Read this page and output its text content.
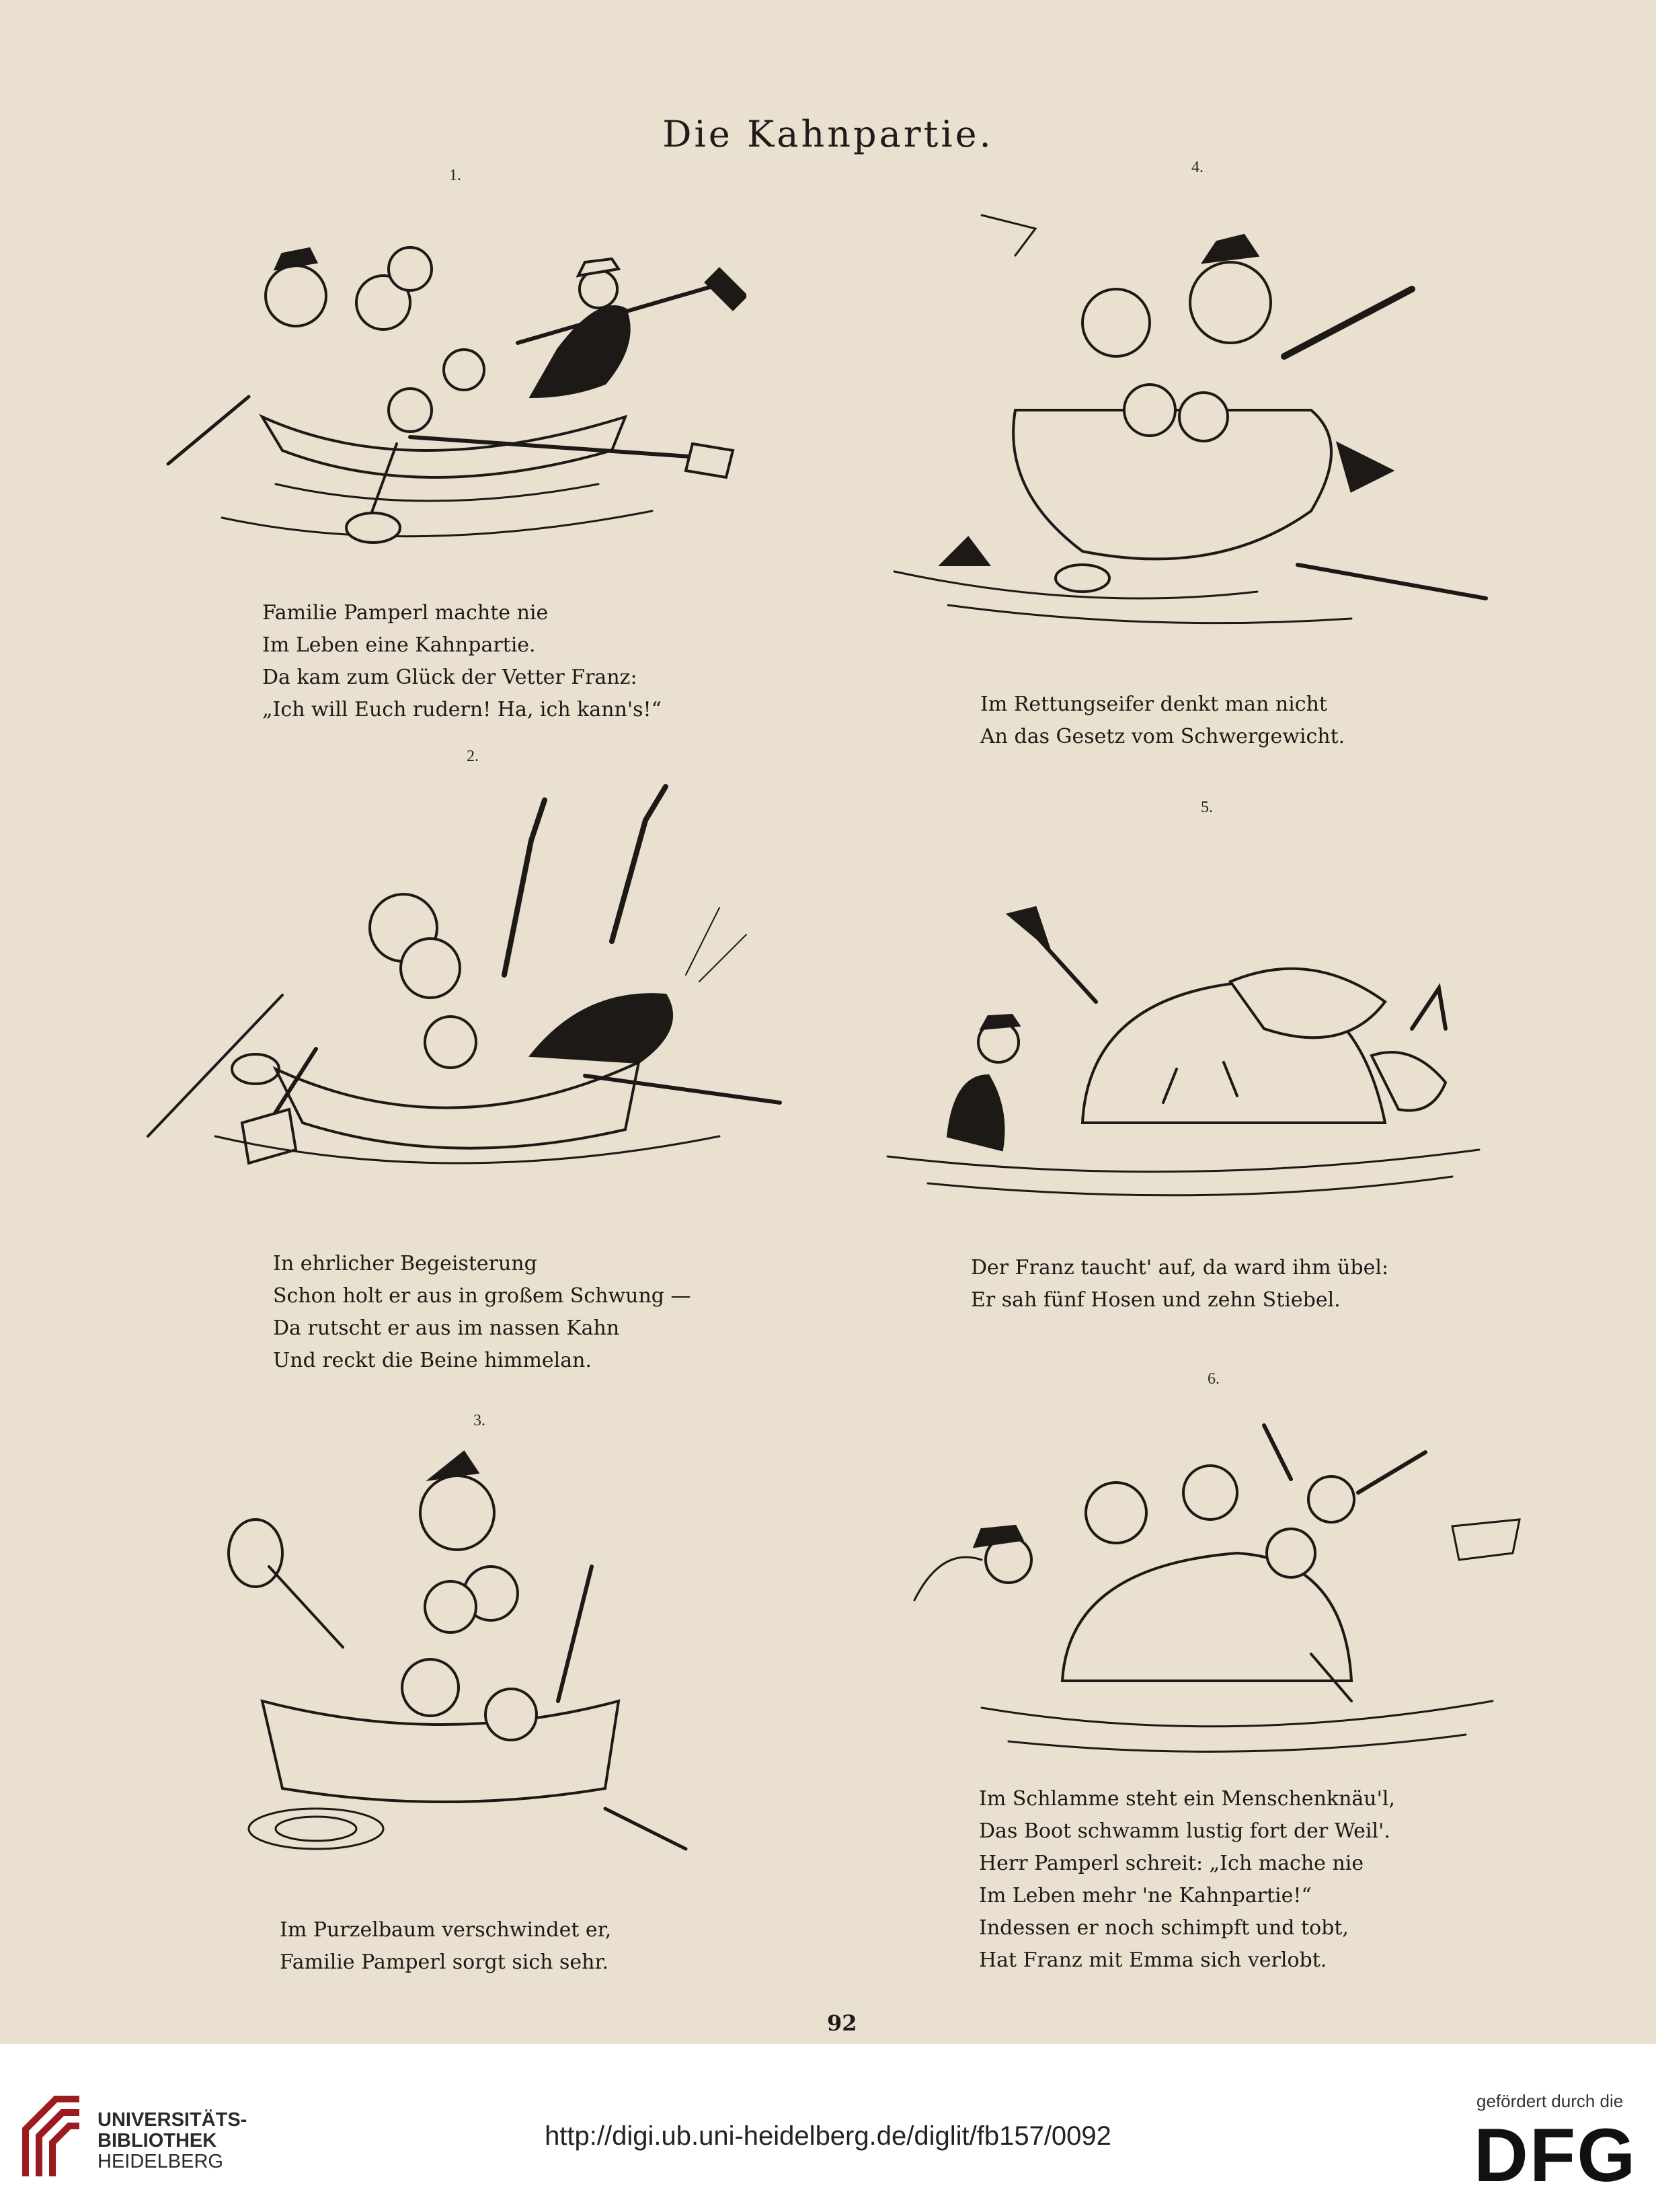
Die Kahnpartie.
1.
Familie Pamperl machte nie
Im Leben eine Kahnpartie.
Da kam zum Glück der Vetter Franz:
„Ich will Euch rudern! Ha, ich kann's!“
4.
Im Rettungseifer denkt man nicht
An das Gesetz vom Schwergewicht.
2.
In ehrlicher Begeisterung
Schon holt er aus in großem Schwung —
Da rutscht er aus im nassen Kahn
Und reckt die Beine himmelan.
5.
Der Franz taucht' auf, da ward ihm übel:
Er sah fünf Hosen und zehn Stiebel.
3.
Im Purzelbaum verschwindet er,
Familie Pamperl sorgt sich sehr.
6.
Im Schlamme steht ein Menschenknäu'l,
Das Boot schwamm lustig fort der Weil'.
Herr Pamperl schreit: „Ich mache nie
Im Leben mehr 'ne Kahnpartie!“
Indessen er noch schimpft und tobt,
Hat Franz mit Emma sich verlobt.
92
UNIVERSITÄTS-
BIBLIOTHEK
HEIDELBERG
http://digi.ub.uni-heidelberg.de/diglit/fb157/0092
gefördert durch die
DFG
